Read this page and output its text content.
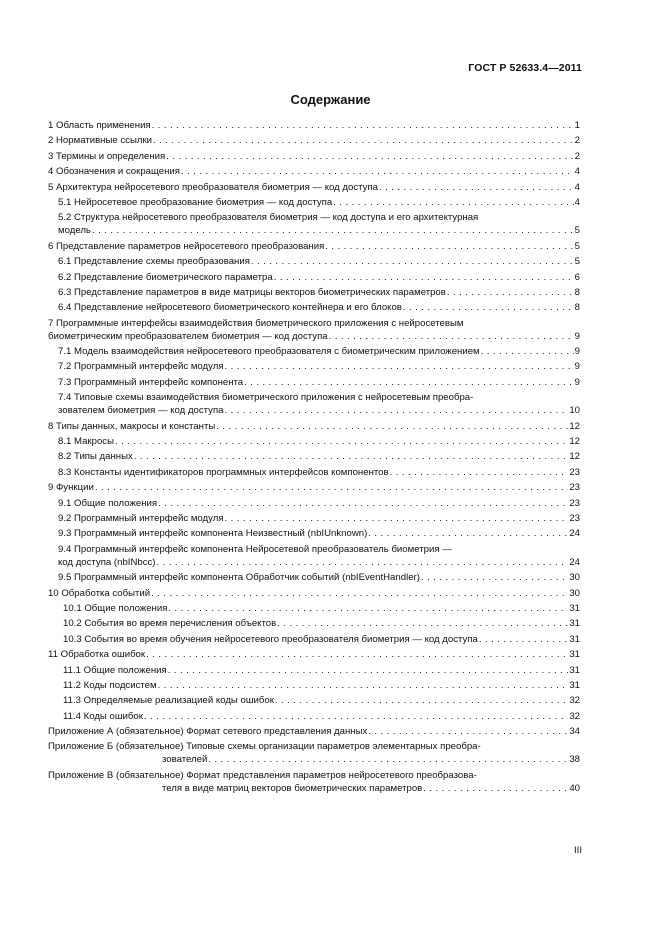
ГОСТ Р 52633.4—2011
Содержание
1 Область применения . . .	1
2 Нормативные ссылки . . .	2
3 Термины и определения . . .	2
4 Обозначения и сокращения . . .	4
5 Архитектура нейросетевого преобразователя биометрия — код доступа . . .	4
5.1 Нейросетевое преобразование биометрия — код доступа . . .	4
5.2 Структура нейросетевого преобразователя биометрия — код доступа и его архитектурная
модель . . .	5
6 Представление параметров нейросетевого преобразования . . .	5
6.1 Представление схемы преобразования . . .	5
6.2 Представление биометрического параметра . . .	6
6.3 Представление параметров в виде матрицы векторов биометрических параметров . . .	8
6.4 Представление нейросетевого биометрического контейнера и его блоков . . .	8
7 Программные интерфейсы взаимодействия биометрического приложения с нейросетевым
биометрическим преобразователем биометрия — код доступа . . .	9
7.1 Модель взаимодействия нейросетевого преобразователя с биометрическим приложением . . .	9
7.2 Программный интерфейс модуля . . .	9
7.3 Программный интерфейс компонента . . .	9
7.4 Типовые схемы взаимодействия биометрического приложения с нейросетевым преобра-
зователем биометрия — код доступа . . .	10
8 Типы данных, макросы и константы . . .	12
8.1 Макросы . . .	12
8.2 Типы данных . . .	12
8.3 Константы идентификаторов программных интерфейсов компонентов . . .	23
9 Функции . . .	23
9.1 Общие положения . . .	23
9.2 Программный интерфейс модуля . . .	23
9.3 Программный интерфейс компонента Неизвестный (nbIUnknown) . . .	24
9.4 Программный интерфейс компонента Нейросетевой преобразователь биометрия —
код доступа (nbINbcc) . . .	24
9.5 Программный интерфейс компонента Обработчик событий (nbIEventHandler) . . .	30
10 Обработка событий . . .	30
10.1 Общие положения . . .	31
10.2 События во время перечисления объектов . . .	31
10.3 События во время обучения нейросетевого преобразователя биометрия — код доступа . . .	31
11 Обработка ошибок . . .	31
11.1 Общие положения . . .	31
11.2 Коды подсистем . . .	31
11.3 Определяемые реализацией коды ошибок . . .	32
11.4 Коды ошибок . . .	32
Приложение А (обязательное) Формат сетевого представления данных . . .	34
Приложение Б (обязательное) Типовые схемы организации параметров элементарных преобра-
зователей . . .	38
Приложение В (обязательное) Формат представления параметров нейросетевого преобразова-
теля в виде матриц векторов биометрических параметров . . .	40
III
